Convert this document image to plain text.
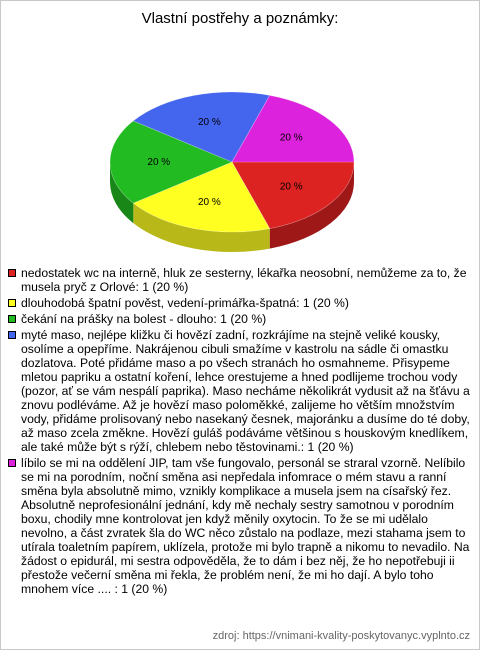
Vlastní postřehy a poznámky:
20 %
20 %
20 %
20 %
20 %
nedostatek wc na interně, hluk ze sesterny, lékařka neosobní, nemůžeme za to, že musela pryč z Orlové: 1 (20 %)
dlouhodobá špatní pověst, vedení-primářka-špatná: 1 (20 %)
čekání na prášky na bolest - dlouho: 1 (20 %)
myté maso, nejlépe kližku či hovězí zadní, rozkrájíme na stejně veliké kousky, osolíme a opepříme. Nakrájenou cibuli smažíme v kastrolu na sádle či omastku dozlatova. Poté přidáme maso a po všech stranách ho osmahneme. Přisypeme mletou papriku a ostatní koření, lehce orestujeme a hned podlijeme trochou vody (pozor, ať se vám nespálí paprika). Maso necháme několikrát vydusit až na šťávu a znovu podléváme. Až je hovězí maso poloměkké, zalijeme ho větším množstvím vody, přidáme prolisovaný nebo nasekaný česnek, majoránku a dusíme do té doby, až maso zcela změkne. Hovězí guláš podáváme většinou s houskovým knedlíkem, ale také může být s rýží, chlebem nebo těstovinami.: 1 (20 %)
líbilo se mi na oddělení JIP, tam vše fungovalo, personál se straral vzorně. Nelíbilo se mi na porodním, noční směna asi nepředala infomrace o mém stavu a ranní směna byla absolutně mimo, vznikly komplikace a musela jsem na císařský řez. Absolutně neprofesionální jednání, kdy mě nechaly sestry samotnou v porodním boxu, chodily mne kontrolovat jen když měnily oxytocin. To že se mi udělalo nevolno, a část zvratek šla do WC něco zůstalo na podlaze, mezi stahama jsem to utírala toaletním papírem, uklízela, protože mi bylo trapně a nikomu to nevadilo. Na žádost o epidurál, mi sestra odpověděla, že to dám i bez něj, že ho nepotřebuji ii přestože večerní směna mi řekla, že problém není, že mi ho dají. A bylo toho mnohem více .... : 1 (20 %)
zdroj: https://vnimani-kvality-poskytovanyc.vyplnto.cz
